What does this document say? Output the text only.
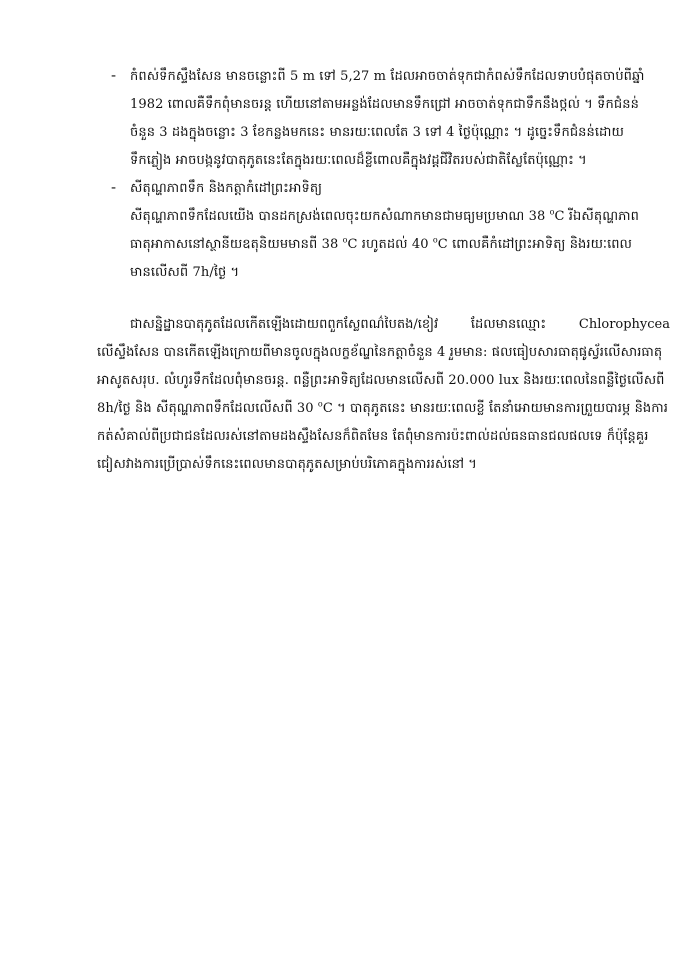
- កំពស់ទឹកស្ទឹងសែន មានចន្លោះពី 5 m ទៅ 5,27 m ដែលអាចចាត់ទុកជាកំពស់ទឹកដែលទាបបំផុតចាប់ពីឆ្នាំ
1982 ពោលគឺទឹកពុំមានចរន្ត ហើយនៅតាមអន្លង់ដែលមានទឹកជ្រៅ អាចចាត់ទុកជាទឹកនឹងថ្កល់ ។ ទឹកជំនន់
ចំនួន 3 ដងក្នុងចន្លោះ 3 ខែកន្លងមកនេះ មានរយៈពេលតែ 3 ទៅ 4 ថ្ងៃប៉ុណ្ណោះ ។ ដូច្នេះទឹកជំនន់ដោយ
ទឹកភ្លៀង អាចបង្កនូវបាតុភូតនេះតែក្នុងរយៈពេលដ៏ខ្លីពោលគឺក្នុងវដ្តជីវិតរបស់ជាតិស្លែតែប៉ុណ្ណោះ ។
- សីតុណ្ហភាពទឹក និងកត្តាកំដៅព្រះអាទិត្យ
សីតុណ្ហភាពទឹកដែលយើង បានដកស្រង់ពេលចុះយកសំណាកមានជាមធ្យមប្រមាណ 38 $^o$C រីឯសីតុណ្ហភាព
ធាតុអាកាសនៅស្ថានីយឧតុនិយមមានពី 38 $^o$C រហូតដល់ 40 $^o$C ពោលគឺកំដៅព្រះអាទិត្យ និងរយៈពេល
មានលើសពី 7h/ថ្ងៃ ។
ជាសន្និដ្ឋានបាតុភូតដែលកើតឡើងដោយពពួកស្លែពណ៌បៃតង/ខៀវ	ដែលមានឈ្មោះ	Chlorophycea
លើស្ទឹងសែន បានកើតឡើងក្រោយពីមានចូលក្នុងលក្ខខ័ណ្ឌនៃកត្តាចំនួន 4 រួមមាន: ផលធៀបសារធាតុផូស្វ័រលើសារធាតុ
អាសូតសរុប. លំហូរទឹកដែលពុំមានចរន្ត. ពន្លឺព្រះអាទិត្យដែលមានលើសពី 20.000 lux និងរយៈពេលនៃពន្លឺថ្ងៃលើសពី
8h/ថ្ងៃ និង សីតុណ្ហភាពទឹកដែលលើសពី 30 $^o$C ។ បាតុភូតនេះ មានរយៈពេលខ្លី តែនាំអោយមានការព្រួយបារម្ភ និងការ
កត់សំគាល់ពីប្រជាជនដែលរស់នៅតាមដងស្ទឹងសែនក៏ពិតមែន តែពុំមានការប៉ះពាល់ដល់ធនធានជលផលទេ ក៏ប៉ុន្តែគួរ
ជៀសវាងការប្រើប្រាស់ទឹកនេះពេលមានបាតុភូតសម្រាប់បរិភោគក្នុងការរស់នៅ ។
